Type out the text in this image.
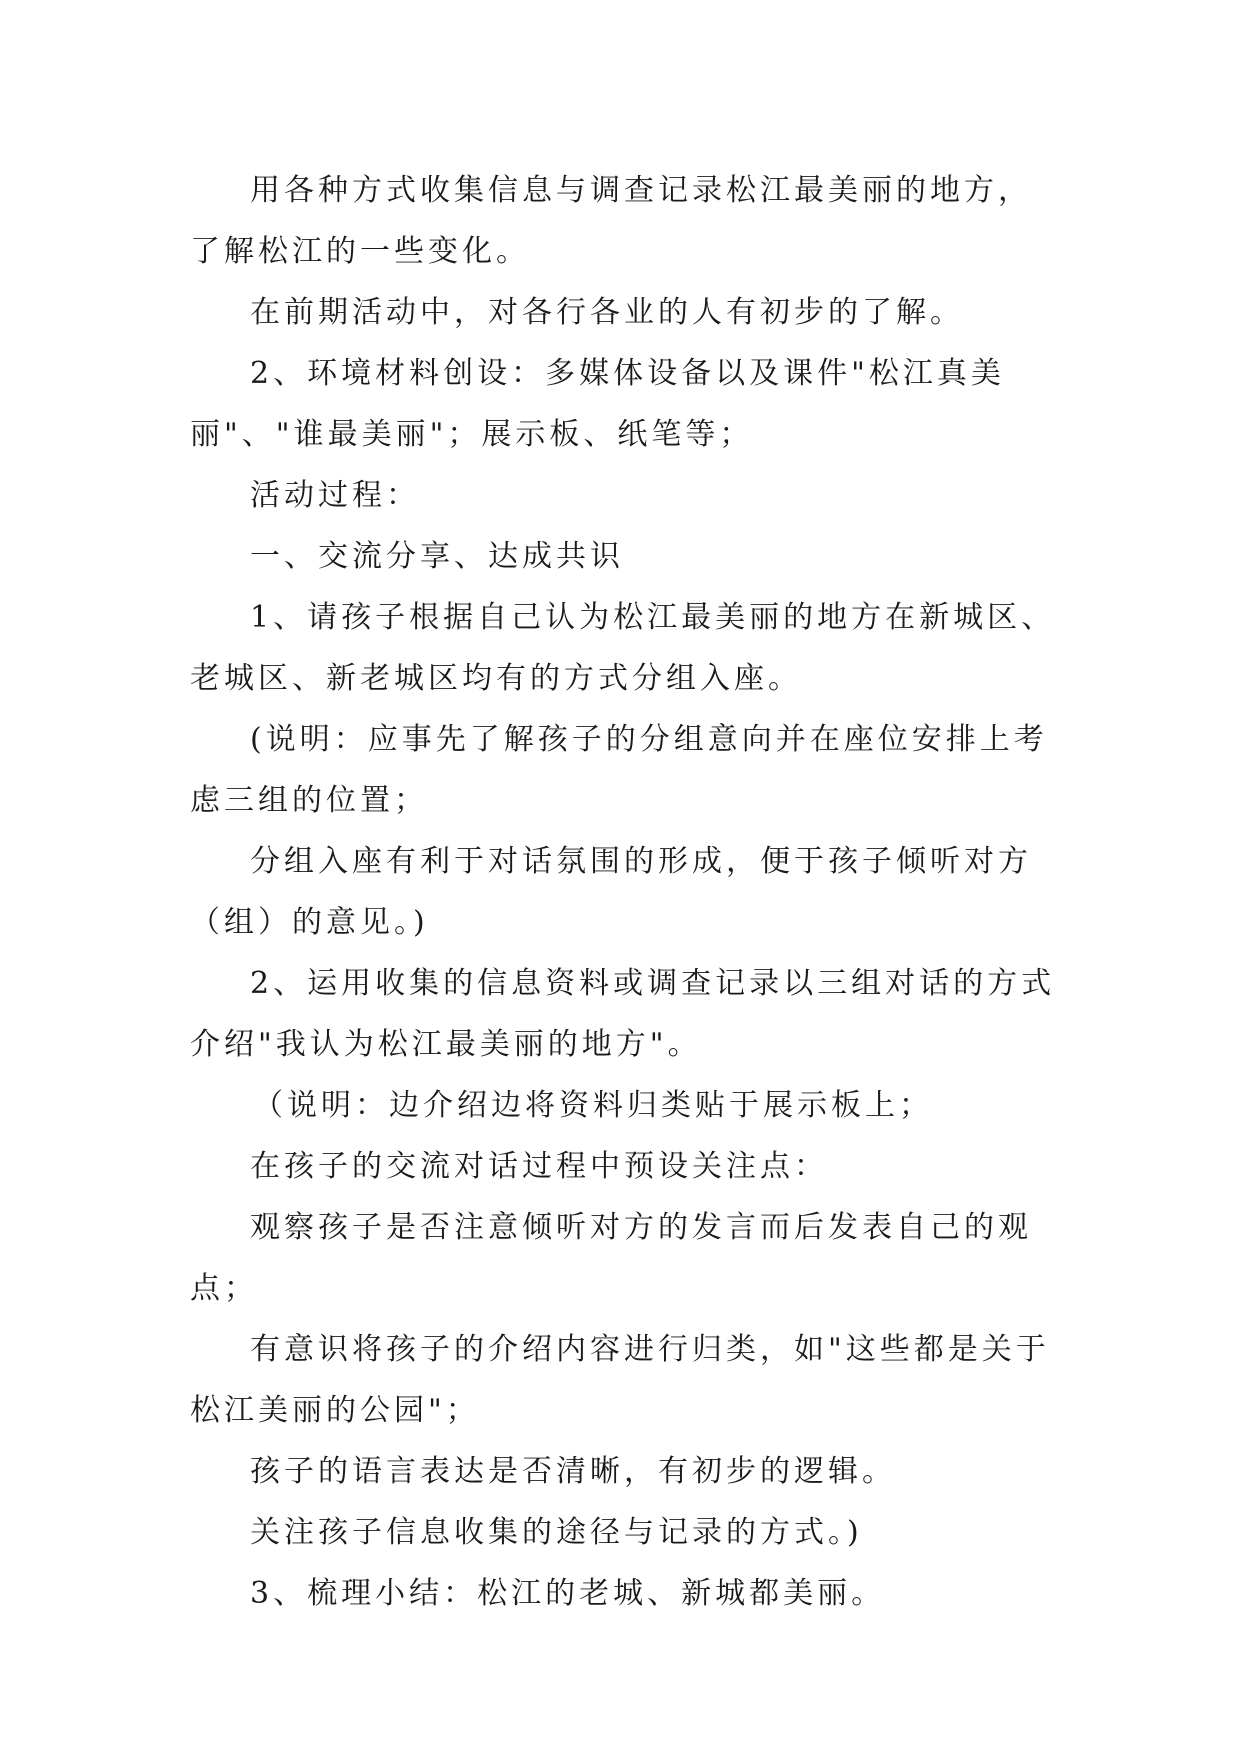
用各种方式收集信息与调查记录松江最美丽的地方，了解松江的一些变化。

在前期活动中，对各行各业的人有初步的了解。

2、环境材料创设：多媒体设备以及课件"松江真美丽"、"谁最美丽"；展示板、纸笔等；

活动过程：

一、交流分享、达成共识

1、请孩子根据自己认为松江最美丽的地方在新城区、老城区、新老城区均有的方式分组入座。

(说明：应事先了解孩子的分组意向并在座位安排上考虑三组的位置；

分组入座有利于对话氛围的形成，便于孩子倾听对方（组）的意见。)

2、运用收集的信息资料或调查记录以三组对话的方式介绍"我认为松江最美丽的地方"。

（说明：边介绍边将资料归类贴于展示板上；

在孩子的交流对话过程中预设关注点：

观察孩子是否注意倾听对方的发言而后发表自己的观点；

有意识将孩子的介绍内容进行归类，如"这些都是关于松江美丽的公园"；

孩子的语言表达是否清晰，有初步的逻辑。

关注孩子信息收集的途径与记录的方式。)

3、梳理小结：松江的老城、新城都美丽。
